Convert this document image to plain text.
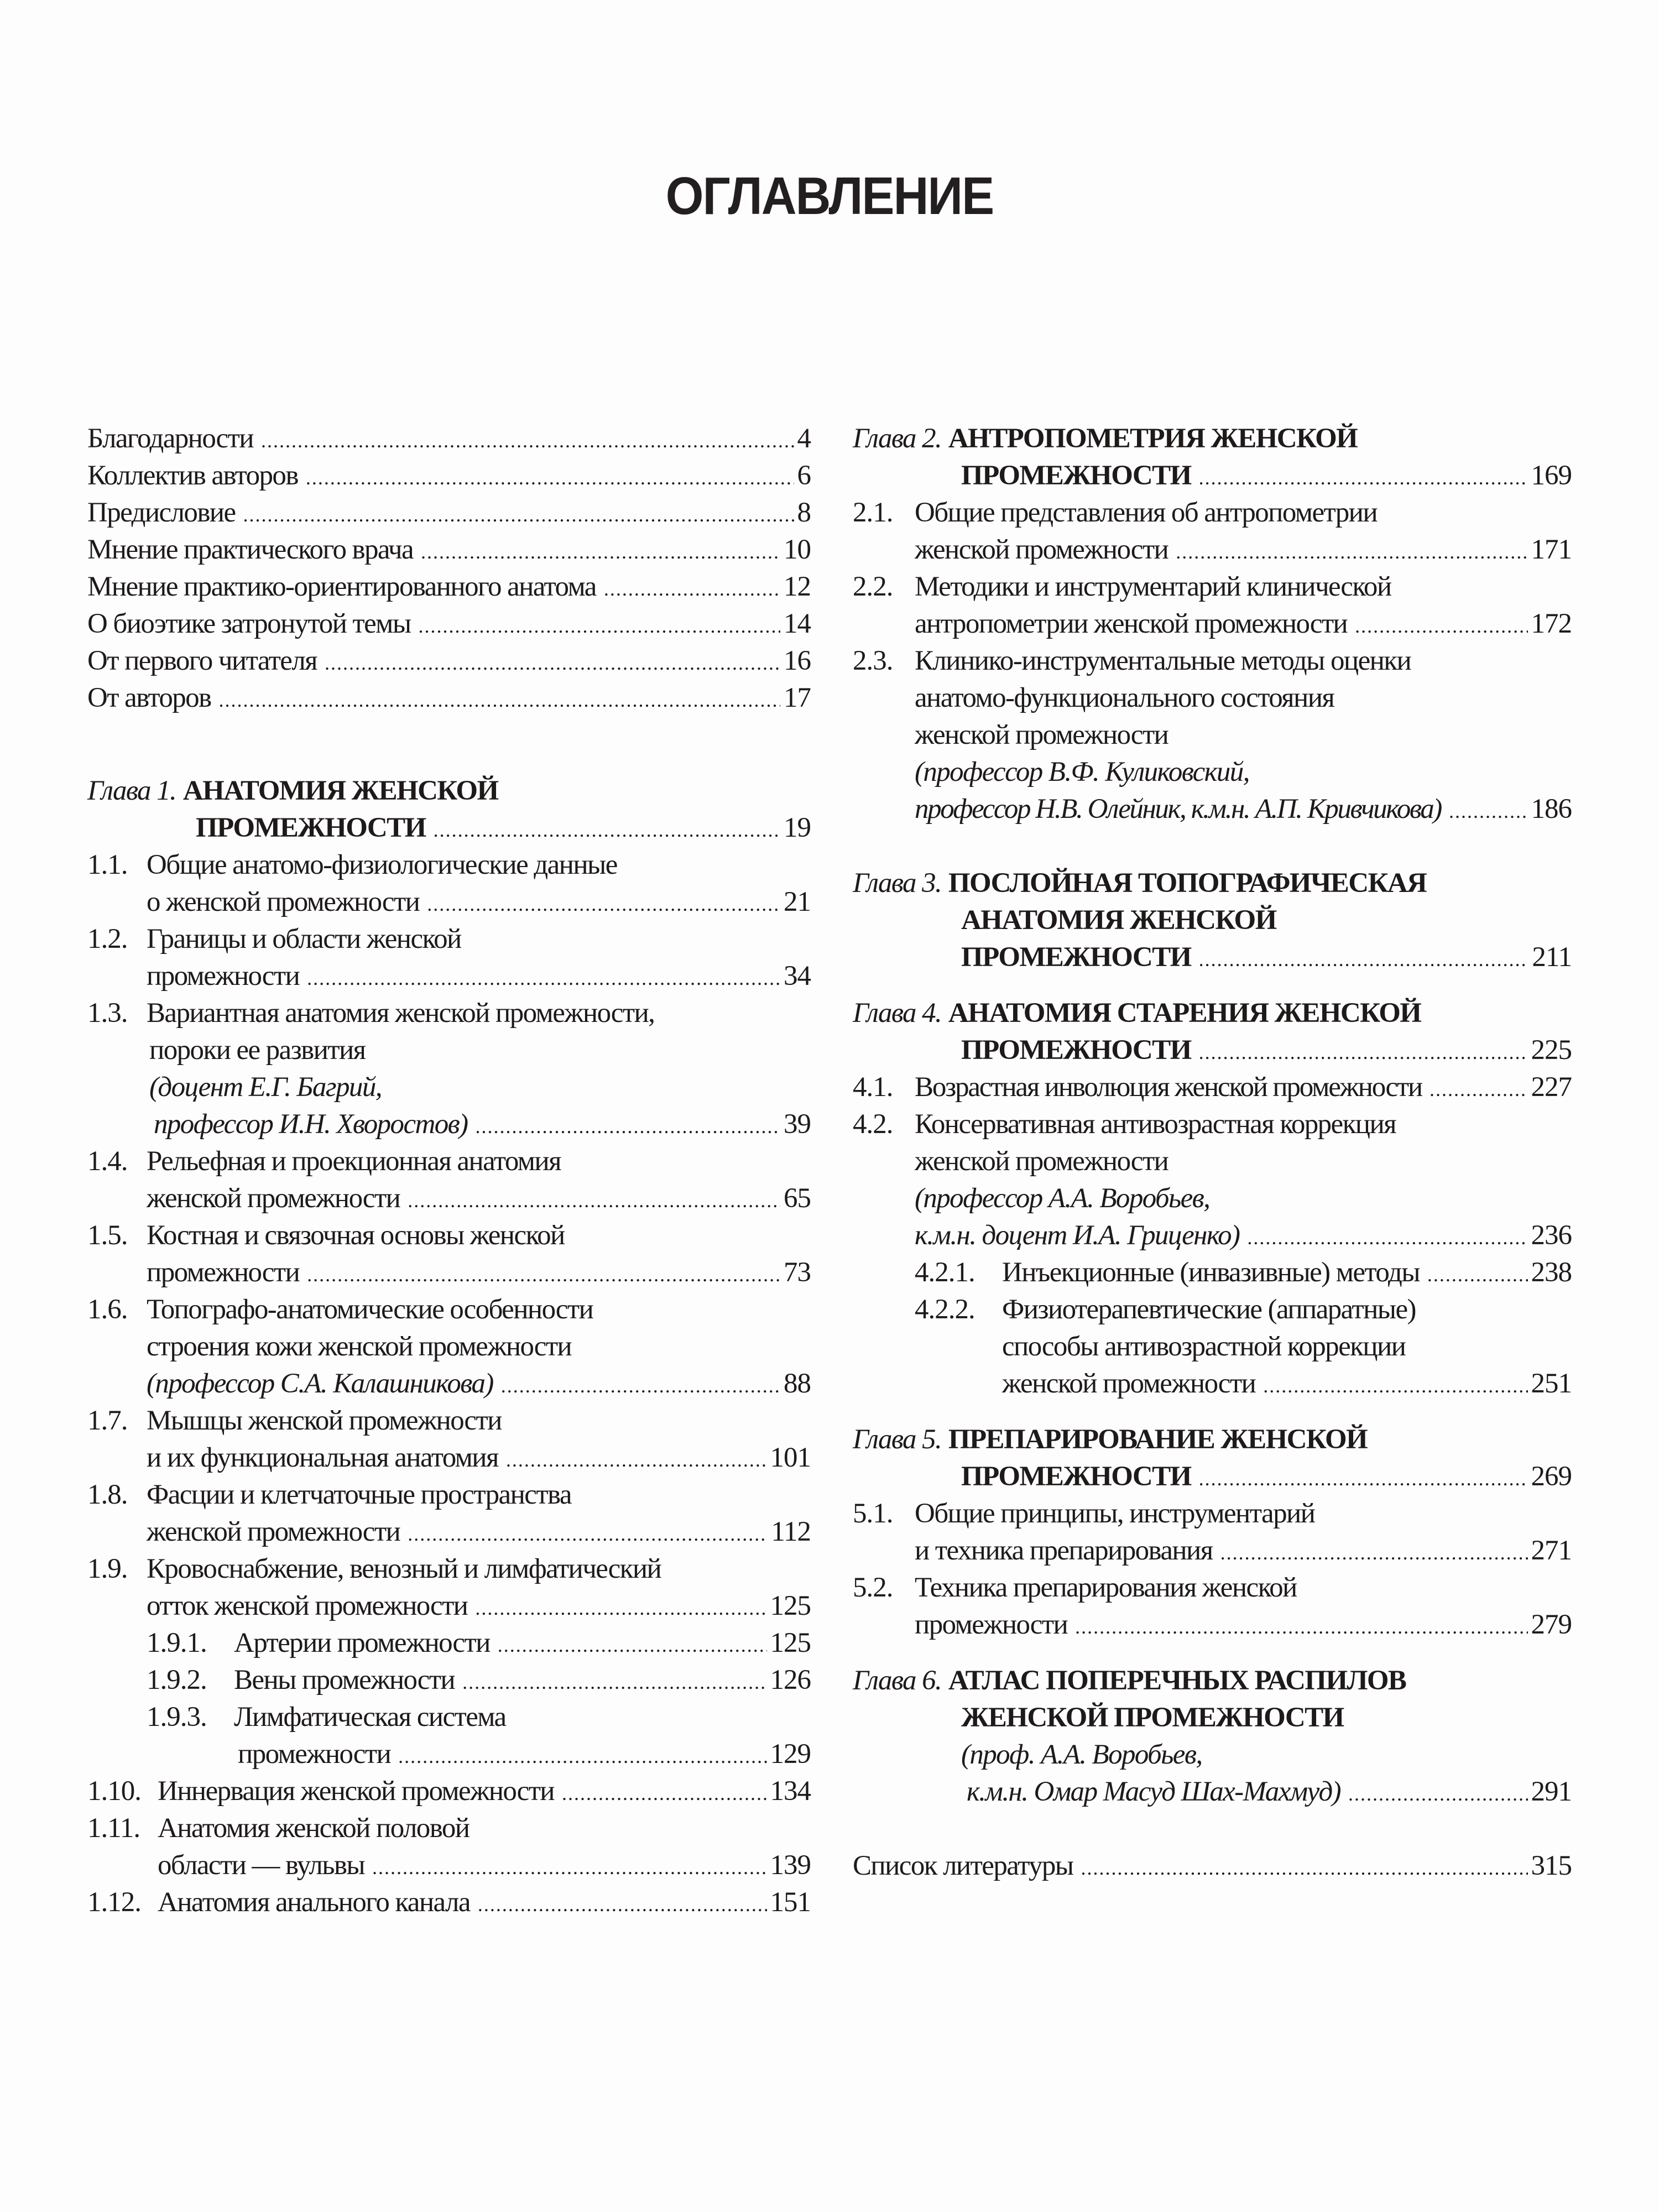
ОГЛАВЛЕНИЕ
Благодарности .....	4
Коллектив авторов .....	6
Предисловие .....	8
Мнение практического врача .....	10
Мнение практико-ориентированного анатома .....	12
О биоэтике затронутой темы .....	14
От первого читателя .....	16
От авторов .....	17
Глава 1.
АНАТОМИЯ ЖЕНСКОЙ
ПРОМЕЖНОСТИ .....	19
1.1. Общие анатомо-физиологические данные
о женской промежности .....	21
1.2. Границы и области женской
промежности .....	34
1.3. Вариантная анатомия женской промежности,
пороки ее развития
(доцент Е.Г. Багрий,
профессор И.Н. Хворостов) .....	39
1.4. Рельефная и проекционная анатомия
женской промежности .....	65
1.5. Костная и связочная основы женской
промежности .....	73
1.6. Топографо-анатомические особенности
строения кожи женской промежности
(профессор С.А. Калашникова) .....	88
1.7. Мышцы женской промежности
и их функциональная анатомия .....	101
1.8. Фасции и клетчаточные пространства
женской промежности .....	112
1.9. Кровоснабжение, венозный и лимфатический
отток женской промежности .....	125
1.9.1. Артерии промежности .....	125
1.9.2. Вены промежности .....	126
1.9.3. Лимфатическая система
промежности .....	129
1.10. Иннервация женской промежности .....	134
1.11. Анатомия женской половой
области — вульвы .....	139
1.12. Анатомия анального канала .....	151
Глава 2.
АНТРОПОМЕТРИЯ ЖЕНСКОЙ
ПРОМЕЖНОСТИ .....	169
2.1. Общие представления об антропометрии
женской промежности .....	171
2.2. Методики и инструментарий клинической
антропометрии женской промежности .....	172
2.3. Клинико-инструментальные методы оценки
анатомо-функционального состояния
женской промежности
(профессор В.Ф. Куликовский,
профессор Н.В. Олейник, к.м.н. А.П. Кривчикова) .....	186
Глава 3.
ПОСЛОЙНАЯ ТОПОГРАФИЧЕСКАЯ
АНАТОМИЯ ЖЕНСКОЙ
ПРОМЕЖНОСТИ .....	211
Глава 4.
АНАТОМИЯ СТАРЕНИЯ ЖЕНСКОЙ
ПРОМЕЖНОСТИ .....	225
4.1. Возрастная инволюция женской промежности .....	227
4.2. Консервативная антивозрастная коррекция
женской промежности
(профессор А.А. Воробьев,
к.м.н. доцент И.А. Гриценко) .....	236
4.2.1. Инъекционные (инвазивные) методы .....	238
4.2.2. Физиотерапевтические (аппаратные)
способы антивозрастной коррекции
женской промежности .....	251
Глава 5.
ПРЕПАРИРОВАНИЕ ЖЕНСКОЙ
ПРОМЕЖНОСТИ .....	269
5.1. Общие принципы, инструментарий
и техника препарирования .....	271
5.2. Техника препарирования женской
промежности .....	279
Глава 6.
АТЛАС ПОПЕРЕЧНЫХ РАСПИЛОВ
ЖЕНСКОЙ ПРОМЕЖНОСТИ
(проф. А.А. Воробьев,
к.м.н. Омар Масуд Шах-Махмуд) .....	291
Список литературы .....	315
